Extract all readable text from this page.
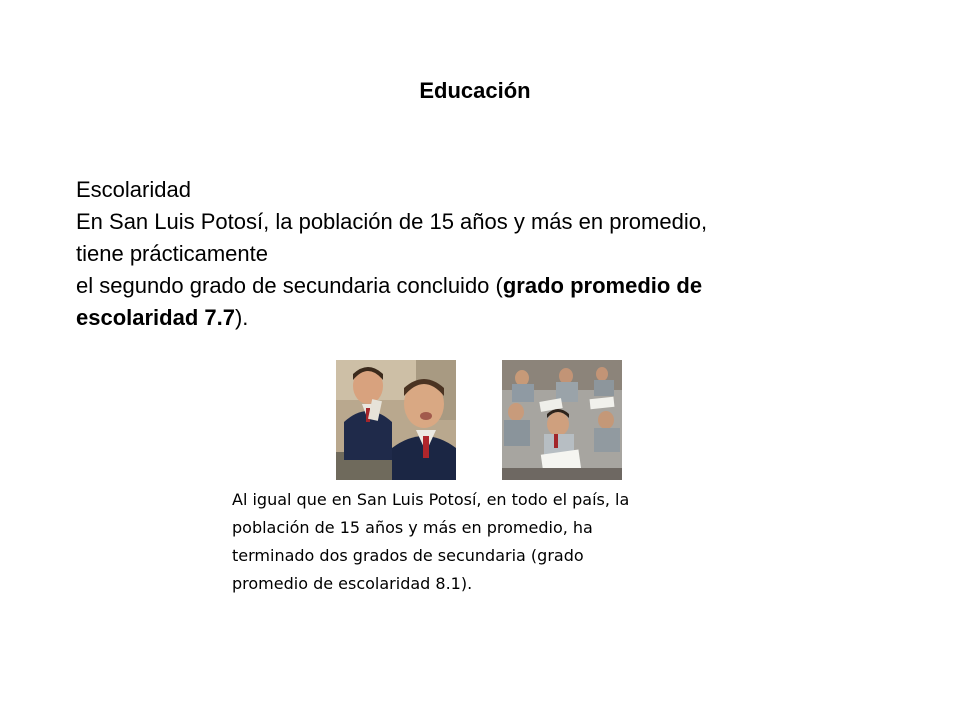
Educación
Escolaridad
En San Luis Potosí, la población de 15 años y más en promedio,
tiene prácticamente
el segundo grado de secundaria concluido (grado promedio de
escolaridad 7.7).
Al igual que en San Luis Potosí, en todo el país, la
población de 15 años y más en promedio, ha
terminado dos grados de secundaria (grado
promedio de escolaridad 8.1).
